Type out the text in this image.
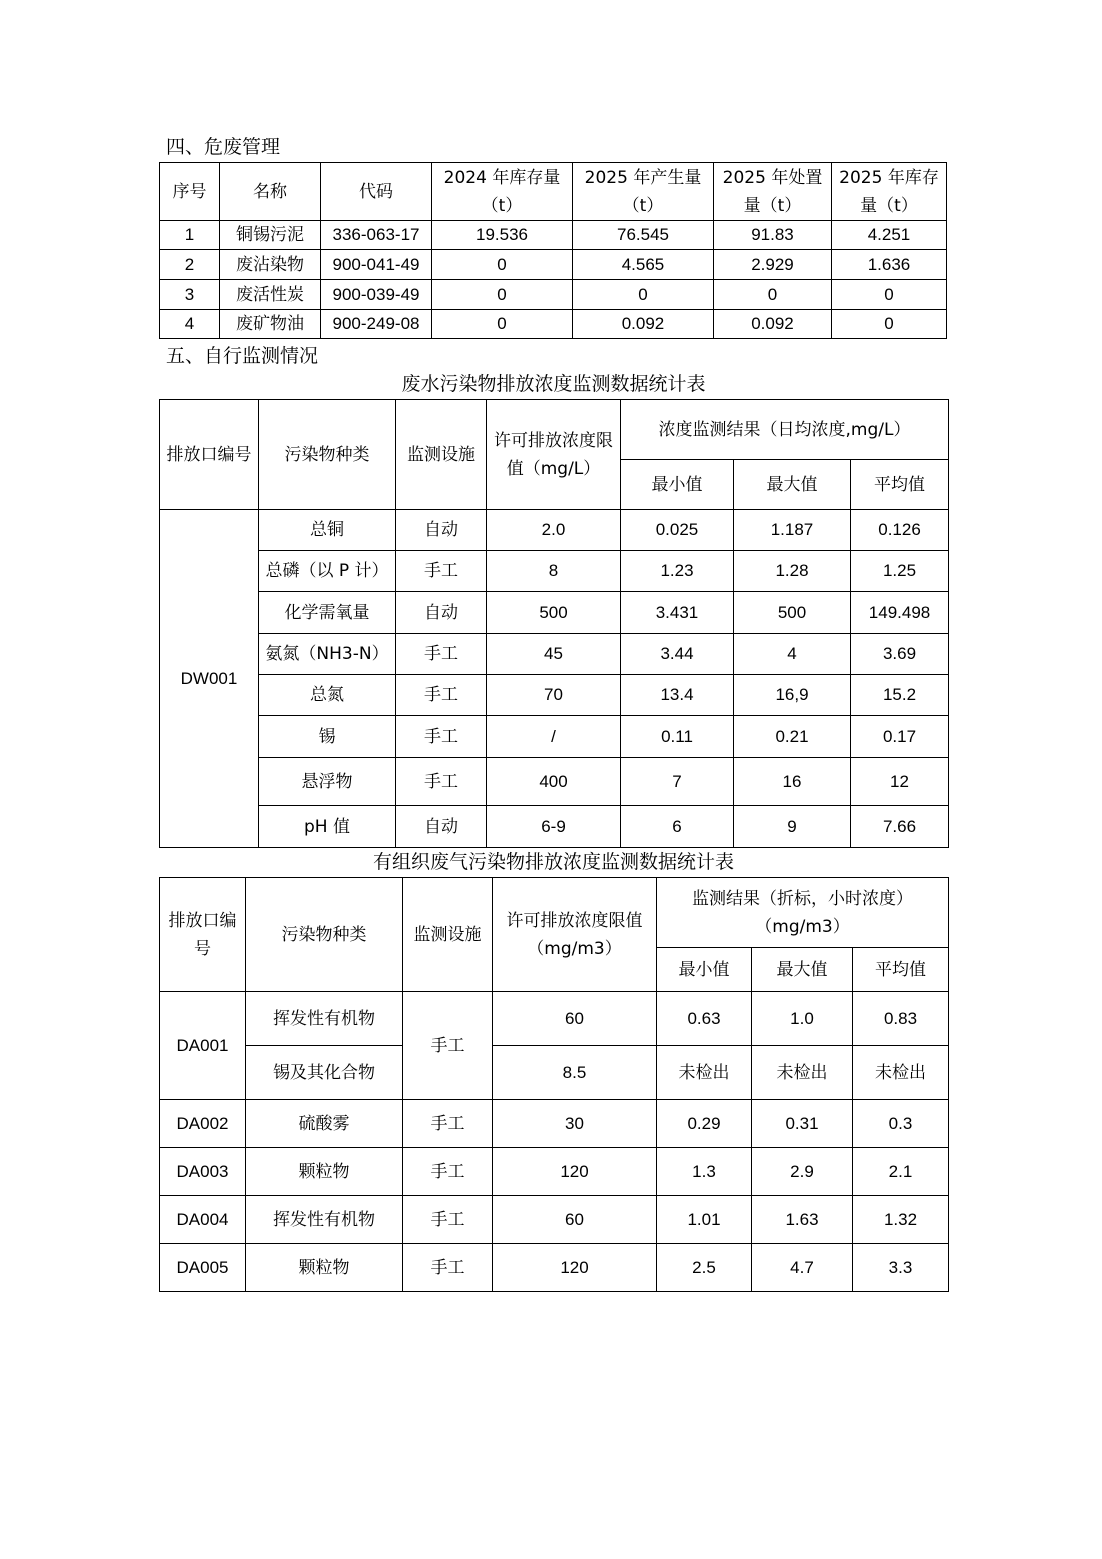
四、危废管理
序号	名称	代码	2024 年库存量（t）	2025 年产生量（t）	2025 年处置量（t）	2025 年库存量（t）
1	铜锡污泥	336-063-17	19.536	76.545	91.83	4.251
2	废沾染物	900-041-49	0	4.565	2.929	1.636
3	废活性炭	900-039-49	0	0	0	0
4	废矿物油	900-249-08	0	0.092	0.092	0
五、自行监测情况
废水污染物排放浓度监测数据统计表
排放口编号	污染物种类	监测设施	许可排放浓度限值（mg/L）	浓度监测结果（日均浓度,mg/L）		
				最小值	最大值	平均值
DW001	总铜	自动	2.0	0.025	1.187	0.126
	总磷（以 P 计）	手工	8	1.23	1.28	1.25
	化学需氧量	自动	500	3.431	500	149.498
	氨氮（NH3-N）	手工	45	3.44	4	3.69
	总氮	手工	70	13.4	16,9	15.2
	锡	手工	/	0.11	0.21	0.17
	悬浮物	手工	400	7	16	12
	pH 值	自动	6-9	6	9	7.66
有组织废气污染物排放浓度监测数据统计表
排放口编号	污染物种类	监测设施	许可排放浓度限值（mg/m3）	监测结果（折标，小时浓度）（mg/m3）		
				最小值	最大值	平均值
DA001	挥发性有机物	手工	60	0.63	1.0	0.83
	锡及其化合物		8.5	未检出	未检出	未检出
DA002	硫酸雾	手工	30	0.29	0.31	0.3
DA003	颗粒物	手工	120	1.3	2.9	2.1
DA004	挥发性有机物	手工	60	1.01	1.63	1.32
DA005	颗粒物	手工	120	2.5	4.7	3.3
